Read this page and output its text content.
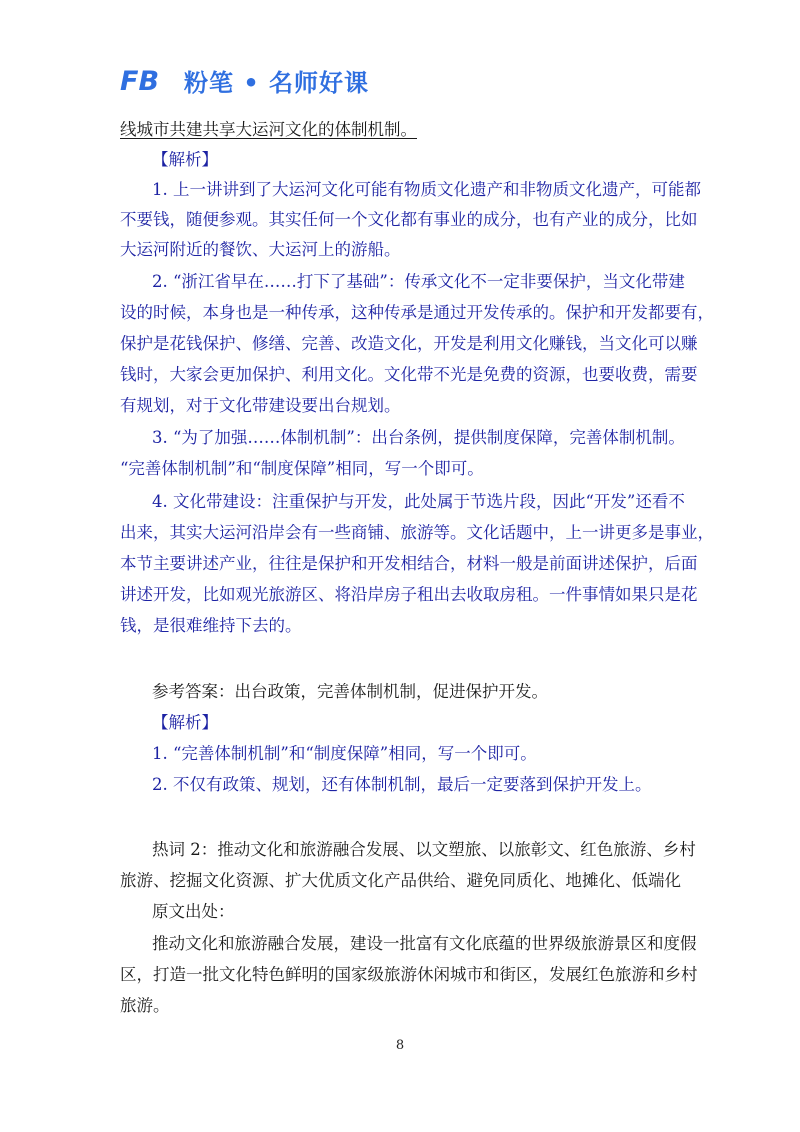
FB 粉笔 • 名师好课
线城市共建共享大运河文化的体制机制。
【解析】
1. 上一讲讲到了大运河文化可能有物质文化遗产和非物质文化遗产，可能都
不要钱，随便参观。其实任何一个文化都有事业的成分，也有产业的成分，比如
大运河附近的餐饮、大运河上的游船。
2. “浙江省早在……打下了基础”：传承文化不一定非要保护，当文化带建
设的时候，本身也是一种传承，这种传承是通过开发传承的。保护和开发都要有，
保护是花钱保护、修缮、完善、改造文化，开发是利用文化赚钱，当文化可以赚
钱时，大家会更加保护、利用文化。文化带不光是免费的资源，也要收费，需要
有规划，对于文化带建设要出台规划。
3. “为了加强……体制机制”：出台条例，提供制度保障，完善体制机制。
“完善体制机制”和“制度保障”相同，写一个即可。
4. 文化带建设：注重保护与开发，此处属于节选片段，因此“开发”还看不
出来，其实大运河沿岸会有一些商铺、旅游等。文化话题中，上一讲更多是事业，
本节主要讲述产业，往往是保护和开发相结合，材料一般是前面讲述保护，后面
讲述开发，比如观光旅游区、将沿岸房子租出去收取房租。一件事情如果只是花
钱，是很难维持下去的。
参考答案：出台政策，完善体制机制，促进保护开发。
【解析】
1. “完善体制机制”和“制度保障”相同，写一个即可。
2. 不仅有政策、规划，还有体制机制，最后一定要落到保护开发上。
热词 2：推动文化和旅游融合发展、以文塑旅、以旅彰文、红色旅游、乡村
旅游、挖掘文化资源、扩大优质文化产品供给、避免同质化、地摊化、低端化
原文出处：
推动文化和旅游融合发展，建设一批富有文化底蕴的世界级旅游景区和度假
区，打造一批文化特色鲜明的国家级旅游休闲城市和街区，发展红色旅游和乡村
旅游。
8
